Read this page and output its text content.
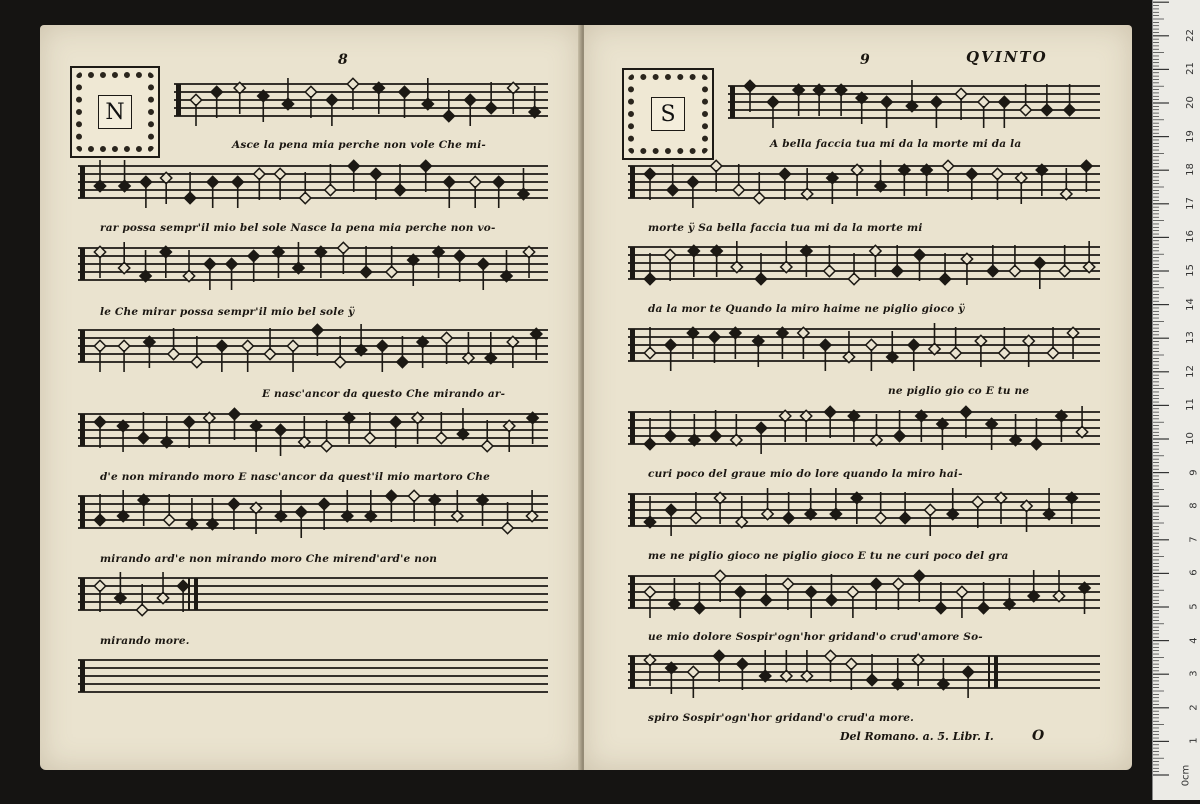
8
N
9	QVINTO
S
Asce la pena mia perche non vole Che mi-
rar possa sempr'il mio bel sole Nasce la pena mia perche non vo-
le Che mirar possa sempr'il mio bel sole ÿ
E nasc'ancor da questo Che mirando ar-
d'e non mirando moro E nasc'ancor da quest'il mio martoro Che
mirando ard'e non mirando moro Che mirend'ard'e non
mirando more.
A bella faccia tua mi da la morte mi da la
morte ÿ Sa bella faccia tua mi da la morte mi
da la mor te Quando la miro haime ne piglio gioco ÿ
ne piglio gio co E tu ne
curi poco del graue mio do lore quando la miro hai-
me ne piglio gioco ne piglio gioco E tu ne curi poco del gra
ue mio dolore Sospir'ogn'hor gridand'o crud'amore So-
spiro Sospir'ogn'hor gridand'o crud'a more.
Del Romano. a. 5. Libr. I.	O
0cm
1
2
3
4
5
6
7
8
9
10
11
12
13
14
15
16
17
18
19
20
21
22
